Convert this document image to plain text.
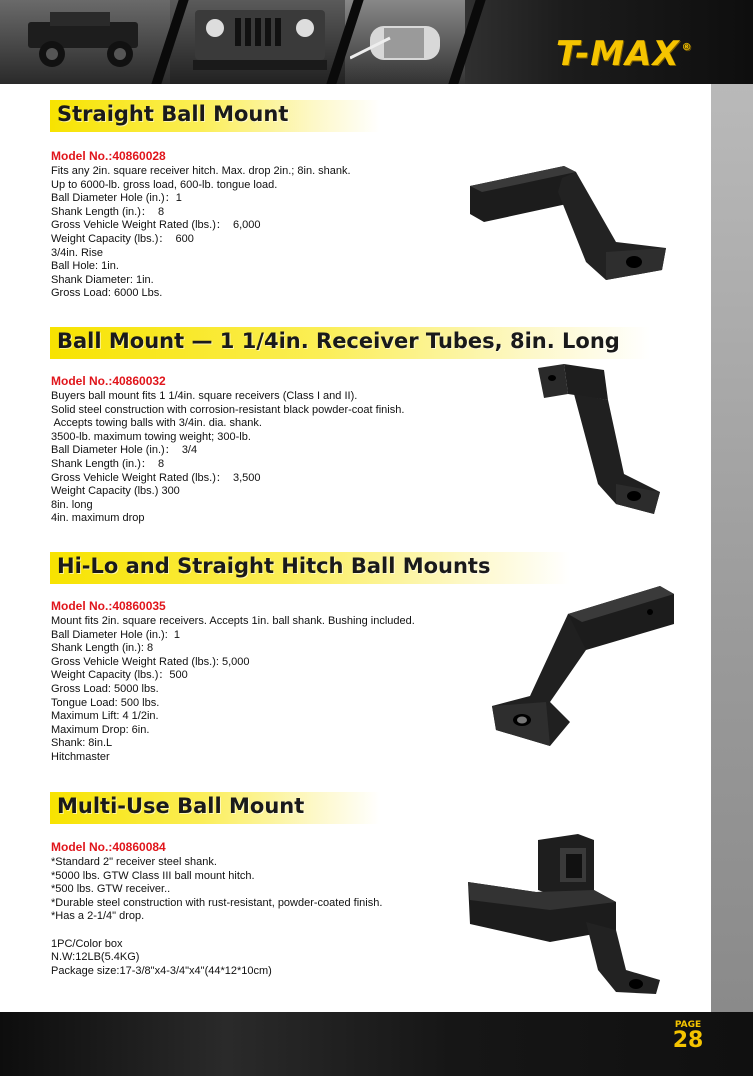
T-MAX ®
Straight Ball Mount
Model No.:40860028
Fits any 2in. square receiver hitch. Max. drop 2in.; 8in. shank.
Up to 6000-lb. gross load, 600-lb. tongue load.
Ball Diameter Hole (in.)：1
Shank Length (in.)：  8
Gross Vehicle Weight Rated (lbs.)：  6,000
Weight Capacity (lbs.)：  600
3/4in. Rise
Ball Hole: 1in.
Shank Diameter: 1in.
Gross Load: 6000 Lbs.
Ball Mount — 1 1/4in. Receiver Tubes, 8in. Long
Model No.:40860032
Buyers ball mount fits 1 1/4in. square receivers (Class I and II).
Solid steel construction with corrosion-resistant black powder-coat finish.
Accepts towing balls with 3/4in. dia. shank.
3500-lb. maximum towing weight; 300-lb.
Ball Diameter Hole (in.)：  3/4
Shank Length (in.)：  8
Gross Vehicle Weight Rated (lbs.)：  3,500
Weight Capacity (lbs.) 300
8in. long
4in. maximum drop
Hi-Lo and Straight Hitch Ball Mounts
Model No.:40860035
Mount fits 2in. square receivers. Accepts 1in. ball shank. Bushing included.
Ball Diameter Hole (in.):  1
Shank Length (in.): 8
Gross Vehicle Weight Rated (lbs.): 5,000
Weight Capacity (lbs.)：500
Gross Load: 5000 lbs.
Tongue Load: 500 lbs.
Maximum Lift: 4 1/2in.
Maximum Drop: 6in.
Shank: 8in.L
Hitchmaster
Multi-Use Ball Mount
Model No.:40860084
*Standard 2" receiver steel shank.
*5000 lbs. GTW Class III ball mount hitch.
*500 lbs. GTW receiver..
*Durable steel construction with rust-resistant, powder-coated finish.
*Has a 2-1/4" drop.
1PC/Color box
N.W:12LB(5.4KG)
Package size:17-3/8"x4-3/4"x4"(44*12*10cm)
PAGE
28
